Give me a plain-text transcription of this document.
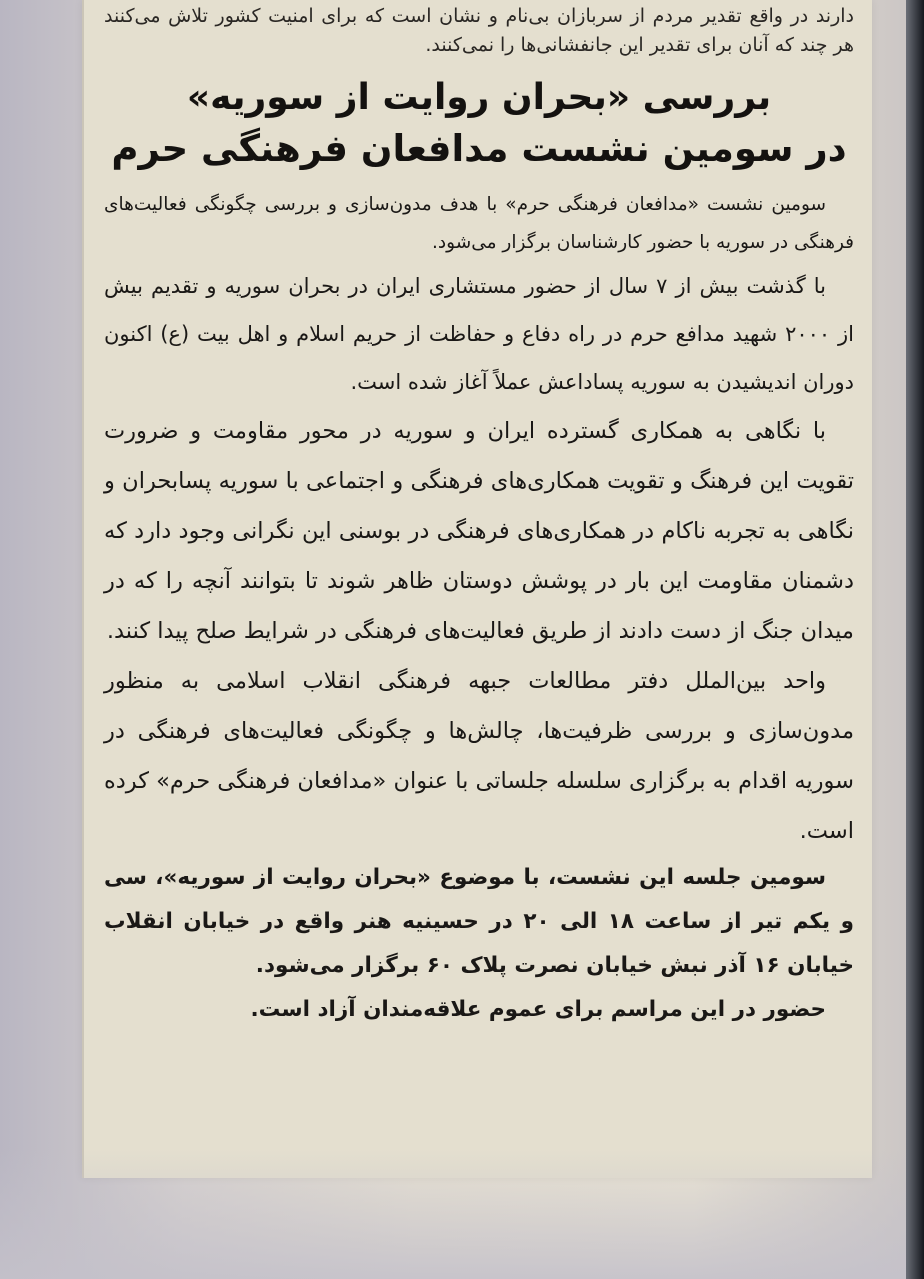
دارند در واقع تقدیر مردم از سربازان بی‌نام و نشان است که برای امنیت کشور تلاش می‌کنند هر چند که آنان برای تقدیر این جانفشانی‌ها را نمی‌کنند.

بررسی «بحران روایت از سوریه»
در سومین نشست مدافعان فرهنگی حرم

سومین نشست «مدافعان فرهنگی حرم» با هدف مدون‌سازی و بررسی چگونگی فعالیت‌های فرهنگی در سوریه با حضور کارشناسان برگزار می‌شود.

با گذشت بیش از ۷ سال از حضور مستشاری ایران در بحران سوریه و تقدیم بیش از ۲۰۰۰ شهید مدافع حرم در راه دفاع و حفاظت از حریم اسلام و اهل بیت (ع) اکنون دوران اندیشیدن به سوریه پساداعش عملاً آغاز شده است.

با نگاهی به همکاری گسترده ایران و سوریه در محور مقاومت و ضرورت تقویت این فرهنگ و تقویت همکاری‌های فرهنگی و اجتماعی با سوریه پسابحران و نگاهی به تجربه ناکام در همکاری‌های فرهنگی در بوسنی این نگرانی وجود دارد که دشمنان مقاومت این بار در پوشش دوستان ظاهر شوند تا بتوانند آنچه را که در میدان جنگ از دست دادند از طریق فعالیت‌های فرهنگی در شرایط صلح پیدا کنند.

واحد بین‌الملل دفتر مطالعات جبهه فرهنگی انقلاب اسلامی به منظور مدون‌سازی و بررسی ظرفیت‌ها، چالش‌ها و چگونگی فعالیت‌های فرهنگی در سوریه اقدام به برگزاری سلسله جلساتی با عنوان «مدافعان فرهنگی حرم» کرده است.

سومین جلسه این نشست، با موضوع «بحران روایت از سوریه»، سی و یکم تیر از ساعت ۱۸ الی ۲۰ در حسینیه هنر واقع در خیابان انقلاب خیابان ۱۶ آذر نبش خیابان نصرت پلاک ۶۰ برگزار می‌شود.

حضور در این مراسم برای عموم علاقه‌مندان آزاد است.
